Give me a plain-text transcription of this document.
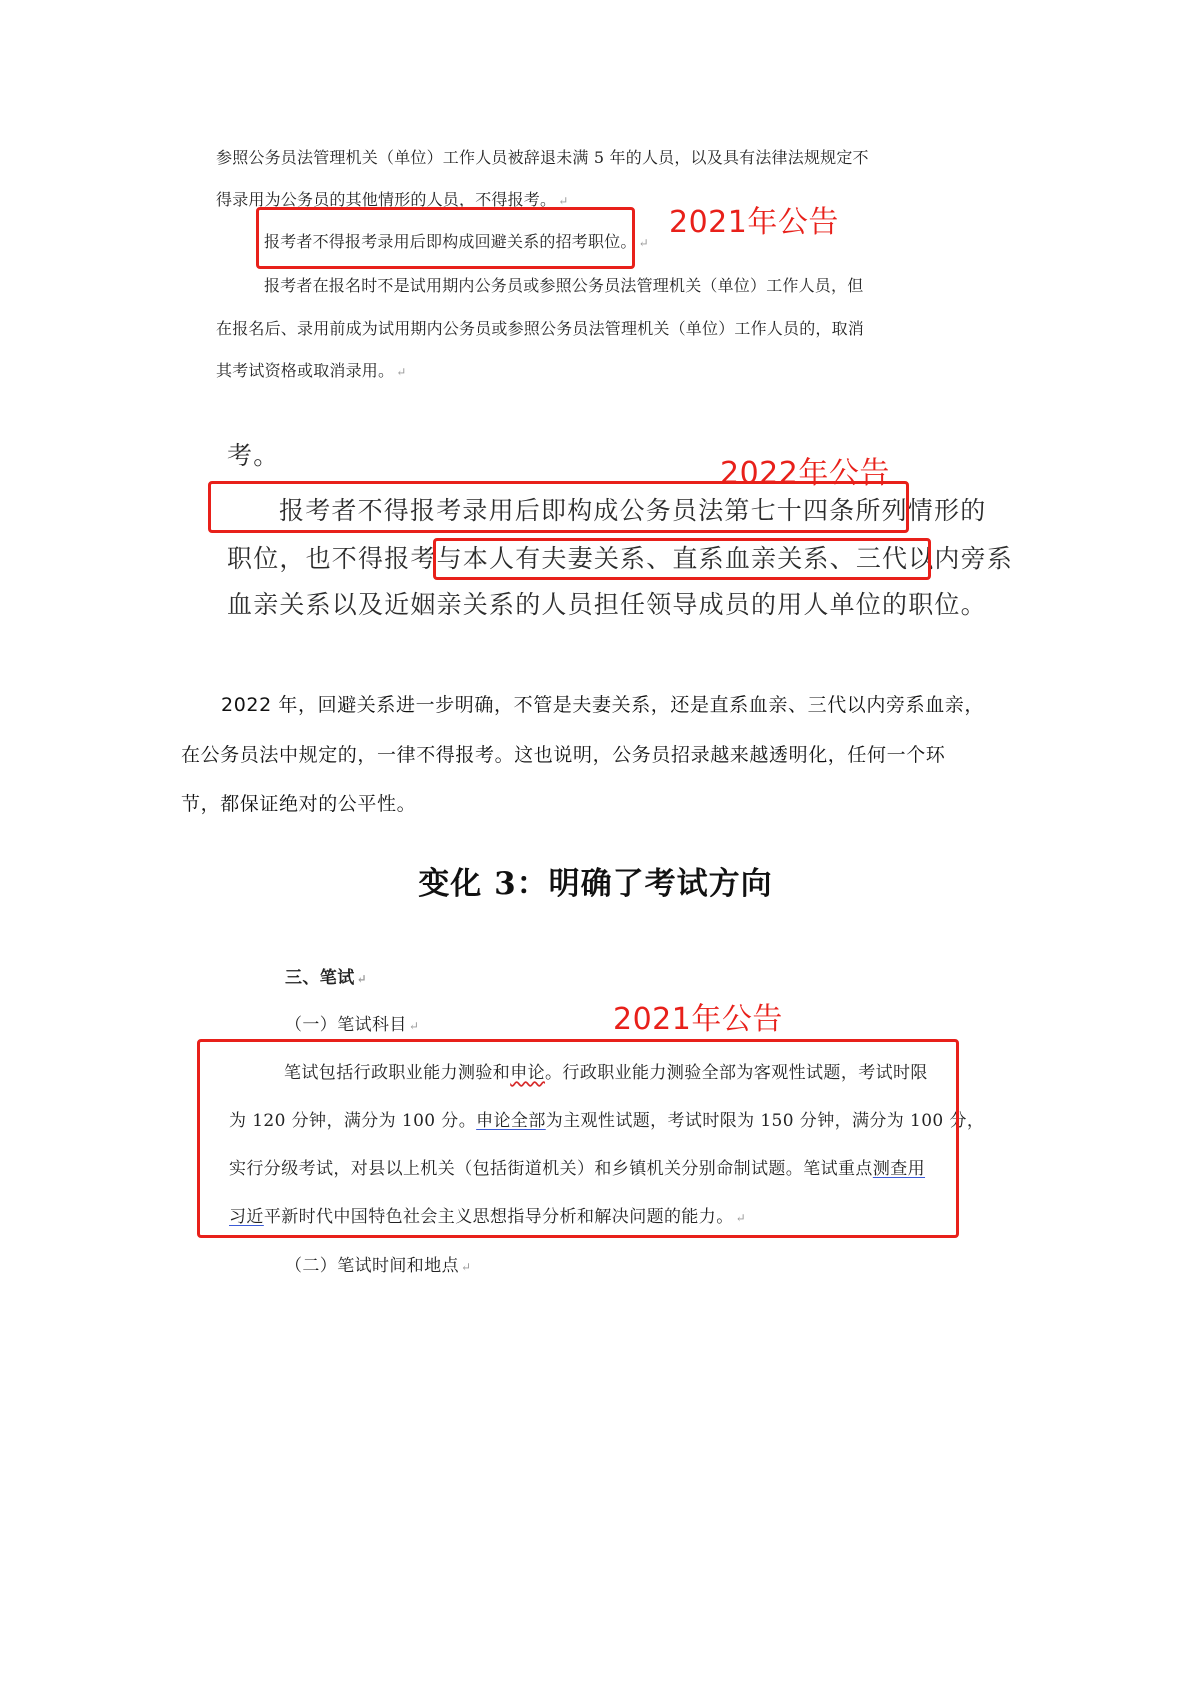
参照公务员法管理机关（单位）工作人员被辞退未满 5 年的人员，以及具有法律法规规定不
得录用为公务员的其他情形的人员，不得报考。 ↵
报考者不得报考录用后即构成回避关系的招考职位。 ↵
报考者在报名时不是试用期内公务员或参照公务员法管理机关（单位）工作人员，但
在报名后、录用前成为试用期内公务员或参照公务员法管理机关（单位）工作人员的，取消
其考试资格或取消录用。 ↵
2021年公告
考。
报考者不得报考录用后即构成公务员法第七十四条所列情形的
职位，也不得报考与本人有夫妻关系、直系血亲关系、三代以内旁系
血亲关系以及近姻亲关系的人员担任领导成员的用人单位的职位。
2022年公告
2022 年，回避关系进一步明确，不管是夫妻关系，还是直系血亲、三代以内旁系血亲，
在公务员法中规定的，一律不得报考。这也说明，公务员招录越来越透明化，任何一个环
节，都保证绝对的公平性。
变化 3：明确了考试方向
三、笔试 ↵
（一）笔试科目 ↵	2021年公告
笔试包括行政职业能力测验和申论。行政职业能力测验全部为客观性试题，考试时限
为 120 分钟，满分为 100 分。申论全部为主观性试题，考试时限为 150 分钟，满分为 100 分，
实行分级考试，对县以上机关（包括街道机关）和乡镇机关分别命制试题。笔试重点测查用
习近平新时代中国特色社会主义思想指导分析和解决问题的能力。 ↵
（二）笔试时间和地点 ↵
